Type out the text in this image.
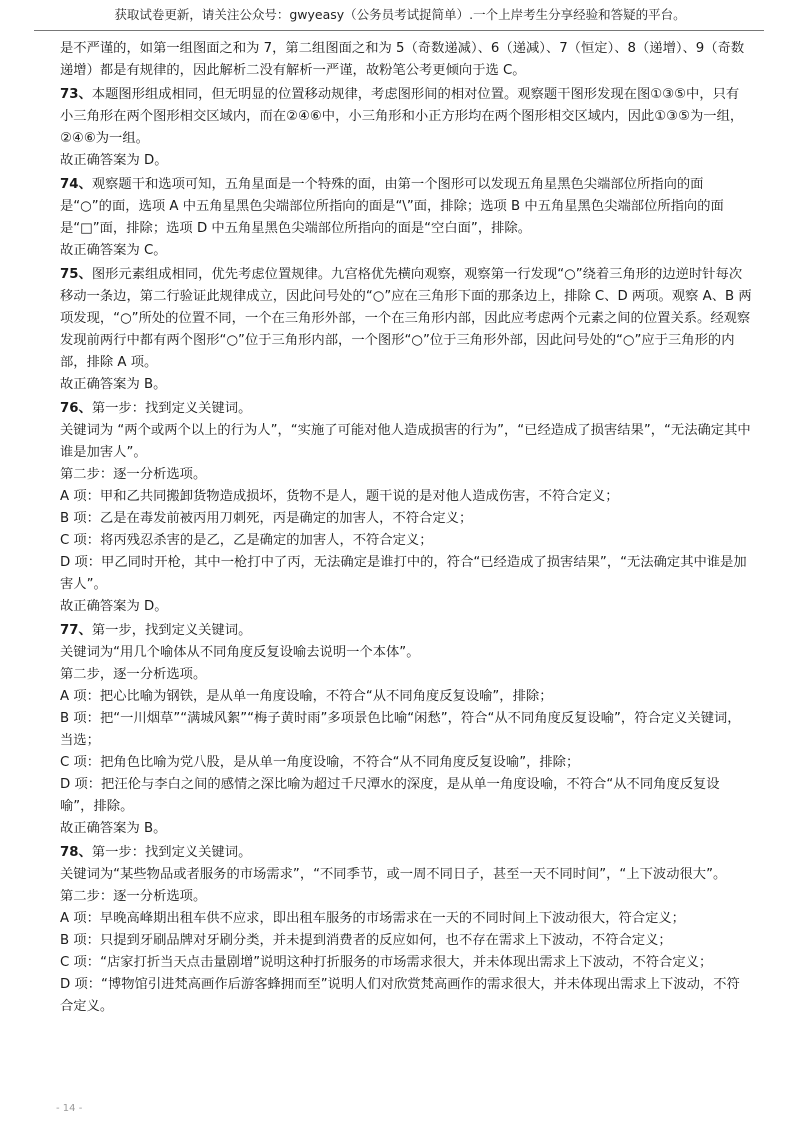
获取试卷更新，请关注公众号：gwyeasy（公务员考试捉简单）.一个上岸考生分享经验和答疑的平台。

是不严谨的，如第一组图面之和为 7，第二组图面之和为 5（奇数递减）、6（递减）、7（恒定）、8（递增）、9（奇数递增）都是有规律的，因此解析二没有解析一严谨，故粉笔公考更倾向于选 C。

73、本题图形组成相同，但无明显的位置移动规律，考虑图形间的相对位置。观察题干图形发现在图①③⑤中，只有小三角形在两个图形相交区域内，而在②④⑥中，小三角形和小正方形均在两个图形相交区域内，因此①③⑤为一组，②④⑥为一组。

故正确答案为 D。

74、观察题干和选项可知，五角星面是一个特殊的面，由第一个图形可以发现五角星黑色尖端部位所指向的面是“○”的面，选项 A 中五角星黑色尖端部位所指向的面是“\”面，排除；选项 B 中五角星黑色尖端部位所指向的面是“□”面，排除；选项 D 中五角星黑色尖端部位所指向的面是“空白面”，排除。

故正确答案为 C。

75、图形元素组成相同，优先考虑位置规律。九宫格优先横向观察，观察第一行发现“○”绕着三角形的边逆时针每次移动一条边，第二行验证此规律成立，因此问号处的“○”应在三角形下面的那条边上，排除 C、D 两项。观察 A、B 两项发现，“○”所处的位置不同，一个在三角形外部，一个在三角形内部，因此应考虑两个元素之间的位置关系。经观察发现前两行中都有两个图形“○”位于三角形内部，一个图形“○”位于三角形外部，因此问号处的“○”应于三角形的内部，排除 A 项。

故正确答案为 B。

76、第一步：找到定义关键词。

关键词为 “两个或两个以上的行为人”，“实施了可能对他人造成损害的行为”，“已经造成了损害结果”，“无法确定其中谁是加害人”。

第二步：逐一分析选项。

A 项：甲和乙共同搬卸货物造成损坏，货物不是人，题干说的是对他人造成伤害，不符合定义；

B 项：乙是在毒发前被丙用刀刺死，丙是确定的加害人，不符合定义；

C 项：将丙残忍杀害的是乙，乙是确定的加害人，不符合定义；

D 项：甲乙同时开枪，其中一枪打中了丙，无法确定是谁打中的，符合“已经造成了损害结果”，“无法确定其中谁是加害人”。

故正确答案为 D。

77、第一步，找到定义关键词。

关键词为“用几个喻体从不同角度反复设喻去说明一个本体”。

第二步，逐一分析选项。

A 项：把心比喻为钢铁，是从单一角度设喻，不符合“从不同角度反复设喻”，排除；

B 项：把“一川烟草”“满城风絮”“梅子黄时雨”多项景色比喻“闲愁”，符合“从不同角度反复设喻”，符合定义关键词，当选；

C 项：把角色比喻为党八股，是从单一角度设喻，不符合“从不同角度反复设喻”，排除；

D 项：把汪伦与李白之间的感情之深比喻为超过千尺潭水的深度，是从单一角度设喻，不符合“从不同角度反复设喻”，排除。

故正确答案为 B。

78、第一步：找到定义关键词。

关键词为“某些物品或者服务的市场需求”，“不同季节，或一周不同日子，甚至一天不同时间”，“上下波动很大”。

第二步：逐一分析选项。

A 项：早晚高峰期出租车供不应求，即出租车服务的市场需求在一天的不同时间上下波动很大，符合定义；

B 项：只提到牙刷品牌对牙刷分类，并未提到消费者的反应如何，也不存在需求上下波动，不符合定义；

C 项：“店家打折当天点击量剧增”说明这种打折服务的市场需求很大，并未体现出需求上下波动，不符合定义；

D 项：“博物馆引进梵高画作后游客蜂拥而至”说明人们对欣赏梵高画作的需求很大，并未体现出需求上下波动，不符合定义。

- 14 -
